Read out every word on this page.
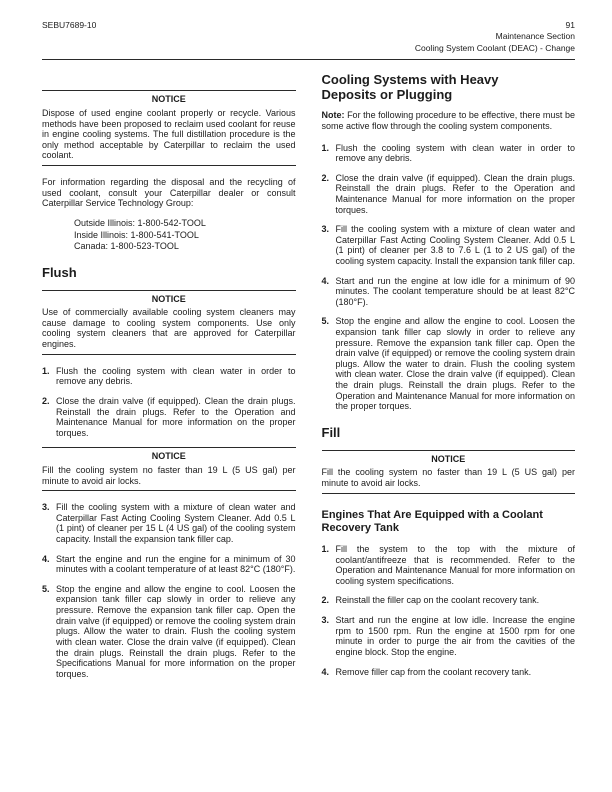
SEBU7689-10	91
Maintenance Section
Cooling System Coolant (DEAC) - Change
NOTICE
Dispose of used engine coolant properly or recycle. Various methods have been proposed to reclaim used coolant for reuse in engine cooling systems. The full distillation procedure is the only method acceptable by Caterpillar to reclaim the used coolant.
For information regarding the disposal and the recycling of used coolant, consult your Caterpillar dealer or consult Caterpillar Service Technology Group:
Outside Illinois: 1-800-542-TOOL
Inside Illinois: 1-800-541-TOOL
Canada: 1-800-523-TOOL
Flush
NOTICE
Use of commercially available cooling system cleaners may cause damage to cooling system components. Use only cooling system cleaners that are approved for Caterpillar engines.
1. Flush the cooling system with clean water in order to remove any debris.
2. Close the drain valve (if equipped). Clean the drain plugs. Reinstall the drain plugs. Refer to the Operation and Maintenance Manual for more information on the proper torques.
NOTICE
Fill the cooling system no faster than 19 L (5 US gal) per minute to avoid air locks.
3. Fill the cooling system with a mixture of clean water and Caterpillar Fast Acting Cooling System Cleaner. Add 0.5 L (1 pint) of cleaner per 15 L (4 US gal) of the cooling system capacity. Install the expansion tank filler cap.
4. Start the engine and run the engine for a minimum of 30 minutes with a coolant temperature of at least 82°C (180°F).
5. Stop the engine and allow the engine to cool. Loosen the expansion tank filler cap slowly in order to relieve any pressure. Remove the expansion tank filler cap. Open the drain valve (if equipped) or remove the cooling system drain plugs. Allow the water to drain. Flush the cooling system with clean water. Close the drain valve (if equipped). Clean the drain plugs. Reinstall the drain plugs. Refer to the Specifications Manual for more information on the proper torques.
Cooling Systems with Heavy Deposits or Plugging
Note: For the following procedure to be effective, there must be some active flow through the cooling system components.
1. Flush the cooling system with clean water in order to remove any debris.
2. Close the drain valve (if equipped). Clean the drain plugs. Reinstall the drain plugs. Refer to the Operation and Maintenance Manual for more information on the proper torques.
3. Fill the cooling system with a mixture of clean water and Caterpillar Fast Acting Cooling System Cleaner. Add 0.5 L (1 pint) of cleaner per 3.8 to 7.6 L (1 to 2 US gal) of the cooling system capacity. Install the expansion tank filler cap.
4. Start and run the engine at low idle for a minimum of 90 minutes. The coolant temperature should be at least 82°C (180°F).
5. Stop the engine and allow the engine to cool. Loosen the expansion tank filler cap slowly in order to relieve any pressure. Remove the expansion tank filler cap. Open the drain valve (if equipped) or remove the cooling system drain plugs. Allow the water to drain. Flush the cooling system with clean water. Close the drain valve (if equipped). Clean the drain plugs. Reinstall the drain plugs. Refer to the Operation and Maintenance Manual for more information on the proper torques.
Fill
NOTICE
Fill the cooling system no faster than 19 L (5 US gal) per minute to avoid air locks.
Engines That Are Equipped with a Coolant Recovery Tank
1. Fill the system to the top with the mixture of coolant/antifreeze that is recommended. Refer to the Operation and Maintenance Manual for more information on cooling system specifications.
2. Reinstall the filler cap on the coolant recovery tank.
3. Start and run the engine at low idle. Increase the engine rpm to 1500 rpm. Run the engine at 1500 rpm for one minute in order to purge the air from the cavities of the engine block. Stop the engine.
4. Remove filler cap from the coolant recovery tank.
